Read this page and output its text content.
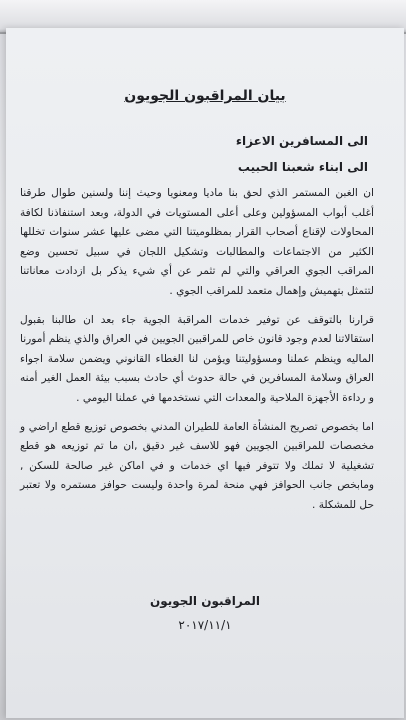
بيان المراقبون الجويون

الى المسافرين الاعزاء

الى ابناء شعبنا الحبيب

ان الغبن المستمر الذي لحق بنا ماديا ومعنويا وحيث إننا ولسنين طوال طرقنا أغلب أبواب المسؤولين وعلى أعلى المستويات في الدولة، وبعد استنفاذنا لكافة المحاولات لإقناع أصحاب القرار بمظلوميتنا التي مضى عليها عشر سنوات تخللها الكثير من الاجتماعات والمطالبات وتشكيل اللجان في سبيل تحسين وضع المراقب الجوي العراقي والتي لم تثمر عن أي شيء يذكر بل ازدادت معاناتنا لتتمثل بتهميش وإهمال متعمد للمراقب الجوي .

قرارنا بالتوقف عن توفير خدمات المراقبة الجوية جاء بعد ان طالبنا بقبول استقالاتنا لعدم وجود قانون خاص للمراقبين الجويين في العراق والذي ينظم أمورنا الماليه وينظم عملنا ومسؤوليتنا ويؤمن لنا الغطاء القانوني ويضمن سلامة اجواء العراق وسلامة المسافرين في حالة حدوث أي حادث بسبب بيئة العمل الغير أمنه و رداءة الأجهزة الملاحية والمعدات التي نستخدمها في عملنا اليومي .

اما بخصوص تصريح المنشأة العامة للطيران المدني بخصوص توزيع قطع اراضي و مخصصات للمراقبين الجويين فهو للاسف غير دقيق ,ان ما تم توزيعه هو قطع تشغيلية لا تملك ولا تتوفر فيها اي خدمات و في اماكن غير صالحة للسكن , ومابخص جانب الحوافز فهي منحة لمرة واحدة وليست حوافز مستمره ولا تعتبر حل للمشكلة .

المراقبون الجويون

٢٠١٧/١١/١
